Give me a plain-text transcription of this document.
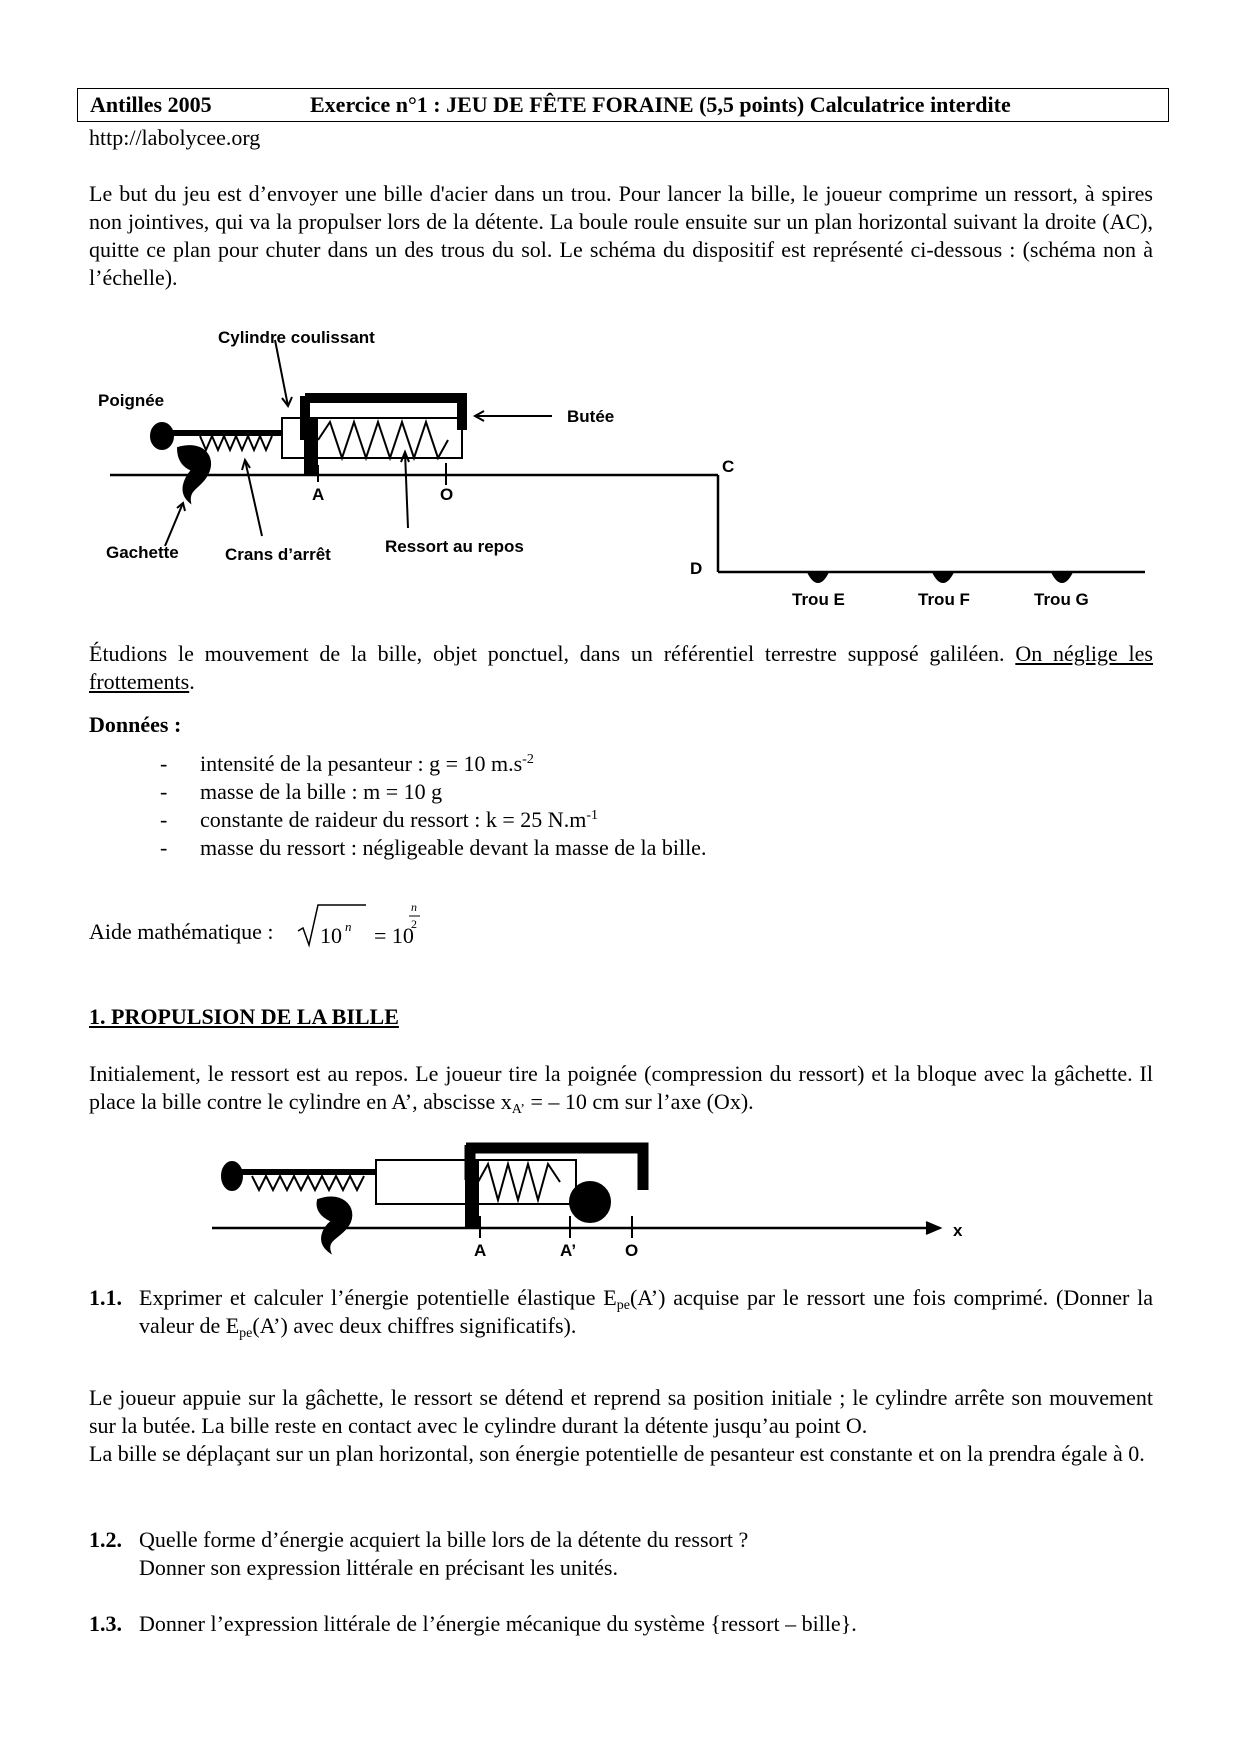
Antilles 2005	Exercice n°1 : JEU DE FÊTE FORAINE (5,5 points) Calculatrice interdite
http://labolycee.org

Le but du jeu est d’envoyer une bille d'acier dans un trou. Pour lancer la bille, le joueur comprime un ressort, à spires non jointives, qui va la propulser lors de la détente. La boule roule ensuite sur un plan horizontal suivant la droite (AC), quitte ce plan pour chuter dans un des trous du sol. Le schéma du dispositif est représenté ci-dessous : (schéma non à l’échelle).

Cylindre coulissant
Poignée
Butée
Gachette	Crans d’arrêt	Ressort au repos
A	O
C
D
Trou E	Trou F	Trou G

Étudions le mouvement de la bille, objet ponctuel, dans un référentiel terrestre supposé galiléen. On néglige les frottements.

Données :
- intensité de la pesanteur : g = 10 $m.s^{-2}$
- masse de la bille : m = 10 g
- constante de raideur du ressort : k = 25 $N.m^{-1}$
- masse du ressort : négligeable devant la masse de la bille.
Aide mathématique : 10 n = 10
n
2
1. PROPULSION DE LA BILLE

Initialement, le ressort est au repos. Le joueur tire la poignée (compression du ressort) et la bloque avec la gâchette. Il place la bille contre le cylindre en A’, abscisse $x_{A’}$ = – 10 cm sur l’axe (Ox).

A	A’	O
x
1.1. Exprimer et calculer l’énergie potentielle élastique $E_{pe}(A’)$ acquise par le ressort une fois comprimé. (Donner la valeur de $E_{pe}(A’)$ avec deux chiffres significatifs).

Le joueur appuie sur la gâchette, le ressort se détend et reprend sa position initiale ; le cylindre arrête son mouvement sur la butée. La bille reste en contact avec le cylindre durant la détente jusqu’au point O.

La bille se déplaçant sur un plan horizontal, son énergie potentielle de pesanteur est constante et on la prendra égale à 0.

1.2. Quelle forme d’énergie acquiert la bille lors de la détente du ressort ?
Donner son expression littérale en précisant les unités.
1.3. Donner l’expression littérale de l’énergie mécanique du système {ressort – bille}.
